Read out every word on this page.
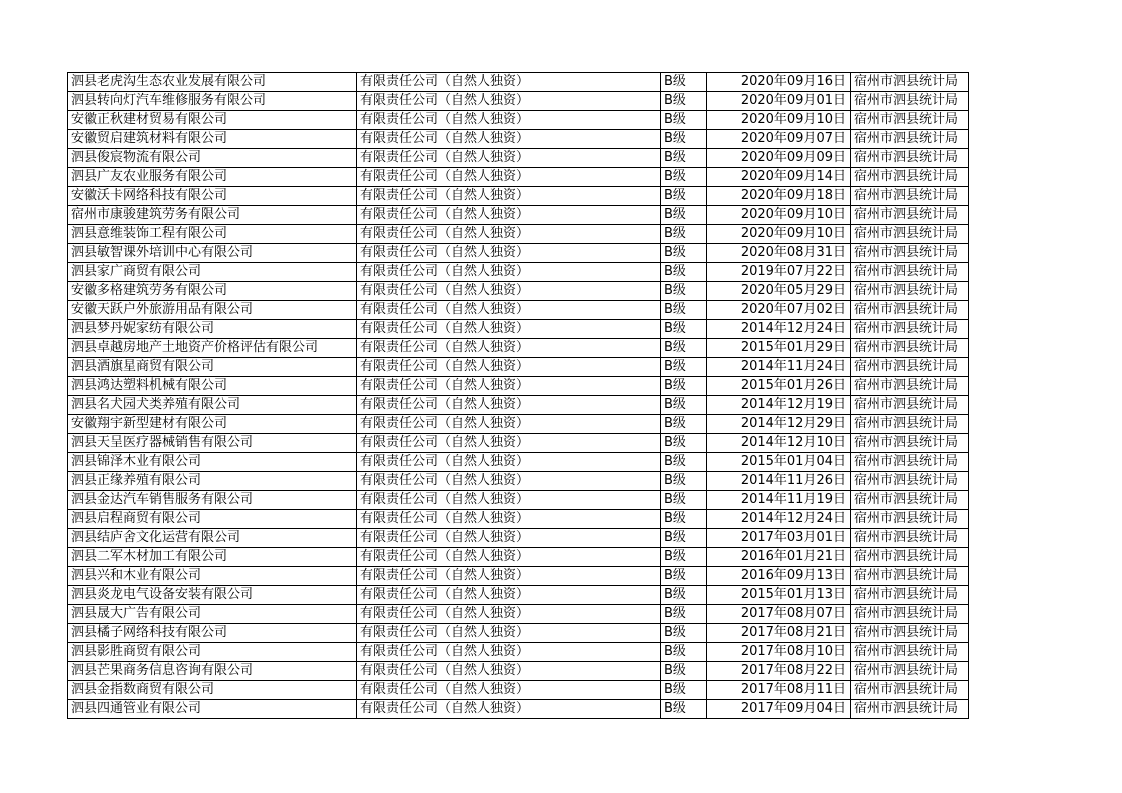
泗县老虎沟生态农业发展有限公司	有限责任公司（自然人独资）	B级	2020年09月16日	宿州市泗县统计局
泗县转向灯汽车维修服务有限公司	有限责任公司（自然人独资）	B级	2020年09月01日	宿州市泗县统计局
安徽正秋建材贸易有限公司	有限责任公司（自然人独资）	B级	2020年09月10日	宿州市泗县统计局
安徽贸启建筑材料有限公司	有限责任公司（自然人独资）	B级	2020年09月07日	宿州市泗县统计局
泗县俊宸物流有限公司	有限责任公司（自然人独资）	B级	2020年09月09日	宿州市泗县统计局
泗县广友农业服务有限公司	有限责任公司（自然人独资）	B级	2020年09月14日	宿州市泗县统计局
安徽沃卡网络科技有限公司	有限责任公司（自然人独资）	B级	2020年09月18日	宿州市泗县统计局
宿州市康骏建筑劳务有限公司	有限责任公司（自然人独资）	B级	2020年09月10日	宿州市泗县统计局
泗县意维装饰工程有限公司	有限责任公司（自然人独资）	B级	2020年09月10日	宿州市泗县统计局
泗县敏智课外培训中心有限公司	有限责任公司（自然人独资）	B级	2020年08月31日	宿州市泗县统计局
泗县家广商贸有限公司	有限责任公司（自然人独资）	B级	2019年07月22日	宿州市泗县统计局
安徽多格建筑劳务有限公司	有限责任公司（自然人独资）	B级	2020年05月29日	宿州市泗县统计局
安徽天跃户外旅游用品有限公司	有限责任公司（自然人独资）	B级	2020年07月02日	宿州市泗县统计局
泗县梦丹妮家纺有限公司	有限责任公司（自然人独资）	B级	2014年12月24日	宿州市泗县统计局
泗县卓越房地产土地资产价格评估有限公司	有限责任公司（自然人独资）	B级	2015年01月29日	宿州市泗县统计局
泗县酒旗星商贸有限公司	有限责任公司（自然人独资）	B级	2014年11月24日	宿州市泗县统计局
泗县鸿达塑料机械有限公司	有限责任公司（自然人独资）	B级	2015年01月26日	宿州市泗县统计局
泗县名犬园犬类养殖有限公司	有限责任公司（自然人独资）	B级	2014年12月19日	宿州市泗县统计局
安徽翔宇新型建材有限公司	有限责任公司（自然人独资）	B级	2014年12月29日	宿州市泗县统计局
泗县天呈医疗器械销售有限公司	有限责任公司（自然人独资）	B级	2014年12月10日	宿州市泗县统计局
泗县锦泽木业有限公司	有限责任公司（自然人独资）	B级	2015年01月04日	宿州市泗县统计局
泗县正缘养殖有限公司	有限责任公司（自然人独资）	B级	2014年11月26日	宿州市泗县统计局
泗县金达汽车销售服务有限公司	有限责任公司（自然人独资）	B级	2014年11月19日	宿州市泗县统计局
泗县启程商贸有限公司	有限责任公司（自然人独资）	B级	2014年12月24日	宿州市泗县统计局
泗县结庐舍文化运营有限公司	有限责任公司（自然人独资）	B级	2017年03月01日	宿州市泗县统计局
泗县二军木材加工有限公司	有限责任公司（自然人独资）	B级	2016年01月21日	宿州市泗县统计局
泗县兴和木业有限公司	有限责任公司（自然人独资）	B级	2016年09月13日	宿州市泗县统计局
泗县炎龙电气设备安装有限公司	有限责任公司（自然人独资）	B级	2015年01月13日	宿州市泗县统计局
泗县晟大广告有限公司	有限责任公司（自然人独资）	B级	2017年08月07日	宿州市泗县统计局
泗县橘子网络科技有限公司	有限责任公司（自然人独资）	B级	2017年08月21日	宿州市泗县统计局
泗县影胜商贸有限公司	有限责任公司（自然人独资）	B级	2017年08月10日	宿州市泗县统计局
泗县芒果商务信息咨询有限公司	有限责任公司（自然人独资）	B级	2017年08月22日	宿州市泗县统计局
泗县金指数商贸有限公司	有限责任公司（自然人独资）	B级	2017年08月11日	宿州市泗县统计局
泗县四通管业有限公司	有限责任公司（自然人独资）	B级	2017年09月04日	宿州市泗县统计局
